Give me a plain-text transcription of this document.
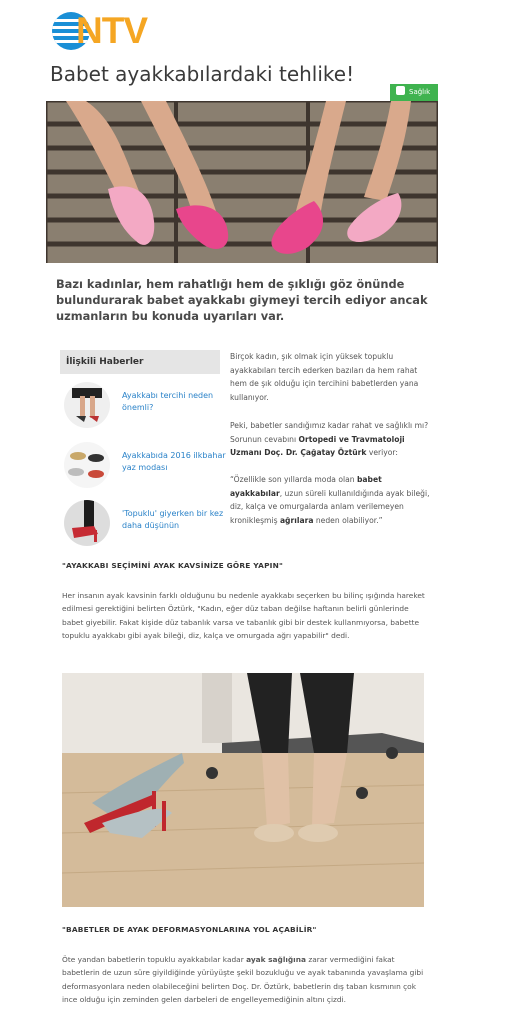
NTV
Babet ayakkabılardaki tehlike!
Sağlık
Bazı kadınlar, hem rahatlığı hem de şıklığı göz önünde bulundurarak babet ayakkabı giymeyi tercih ediyor ancak uzmanların bu konuda uyarıları var.
İlişkili Haberler
Ayakkabı tercihi neden önemli?
Ayakkabıda 2016 ilkbahar yaz modası
'Topuklu' giyerken bir kez daha düşünün
Birçok kadın, şık olmak için yüksek topuklu ayakkabıları tercih ederken bazıları da hem rahat hem de şık olduğu için tercihini babetlerden yana kullanıyor.
Peki, babetler sandığımız kadar rahat ve sağlıklı mı? Sorunun cevabını Ortopedi ve Travmatoloji Uzmanı Doç. Dr. Çağatay Öztürk veriyor:
“Özellikle son yıllarda moda olan babet ayakkabılar, uzun süreli kullanıldığında ayak bileği, diz, kalça ve omurgalarda anlam verilemeyen kronikleşmiş ağrılara neden olabiliyor.”
"AYAKKABI SEÇİMİNİ AYAK KAVSİNİZE GÖRE YAPIN"
Her insanın ayak kavsinin farklı olduğunu bu nedenle ayakkabı seçerken bu bilinç ışığında hareket edilmesi gerektiğini belirten Öztürk, "Kadın, eğer düz taban değilse haftanın belirli günlerinde babet giyebilir. Fakat kişide düz tabanlık varsa ve tabanlık gibi bir destek kullanmıyorsa, babette topuklu ayakkabı gibi ayak bileği, diz, kalça ve omurgada ağrı yapabilir" dedi.
"BABETLER DE AYAK DEFORMASYONLARINA YOL AÇABİLİR"
Öte yandan babetlerin topuklu ayakkabılar kadar ayak sağlığına zarar vermediğini fakat babetlerin de uzun süre giyildiğinde yürüyüşte şekil bozukluğu ve ayak tabanında yavaşlama gibi deformasyonlara neden olabileceğini belirten Doç. Dr. Öztürk, babetlerin dış taban kısmının çok ince olduğu için zeminden gelen darbeleri de engelleyemediğinin altını çizdi.
